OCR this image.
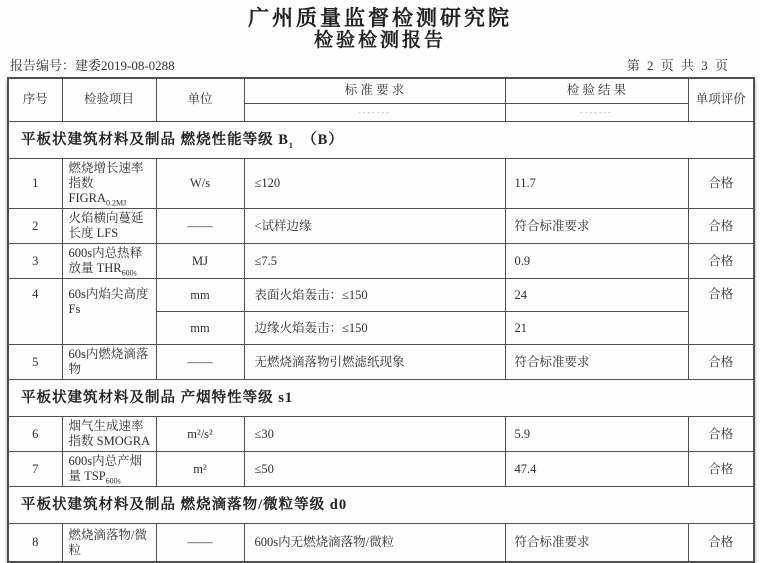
广州质量监督检测研究院
检验检测报告
报告编号：建委2019-08-0288	第 2 页 共 3 页
序号	检验项目	单位	标 准 要 求	检 验 结 果	单项评价
			-------	-------	
平板状建筑材料及制品 燃烧性能等级 $B_1$　（B）					
1	燃烧增长速率指数 $FIGRA_{0.2MJ}$	W/s	≤120	11.7	合格
2	火焰横向蔓延长度 LFS	——	<试样边缘	符合标准要求	合格
3	600s内总热释放量 $THR_{600s}$	MJ	≤7.5	0.9	合格
4	60s内焰尖高度 Fs	mm	表面火焰轰击：≤150	24	合格
		mm	边缘火焰轰击：≤150	21	
5	60s内燃烧滴落物	——	无燃烧滴落物引燃滤纸现象	符合标准要求	合格
平板状建筑材料及制品 产烟特性等级 s1					
6	烟气生成速率指数 SMOGRA	m²/s²	≤30	5.9	合格
7	600s内总产烟量 $TSP_{600s}$	m²	≤50	47.4	合格
平板状建筑材料及制品 燃烧滴落物/微粒等级 d0					
8	燃烧滴落物/微粒	——	600s内无燃烧滴落物/微粒	符合标准要求	合格
